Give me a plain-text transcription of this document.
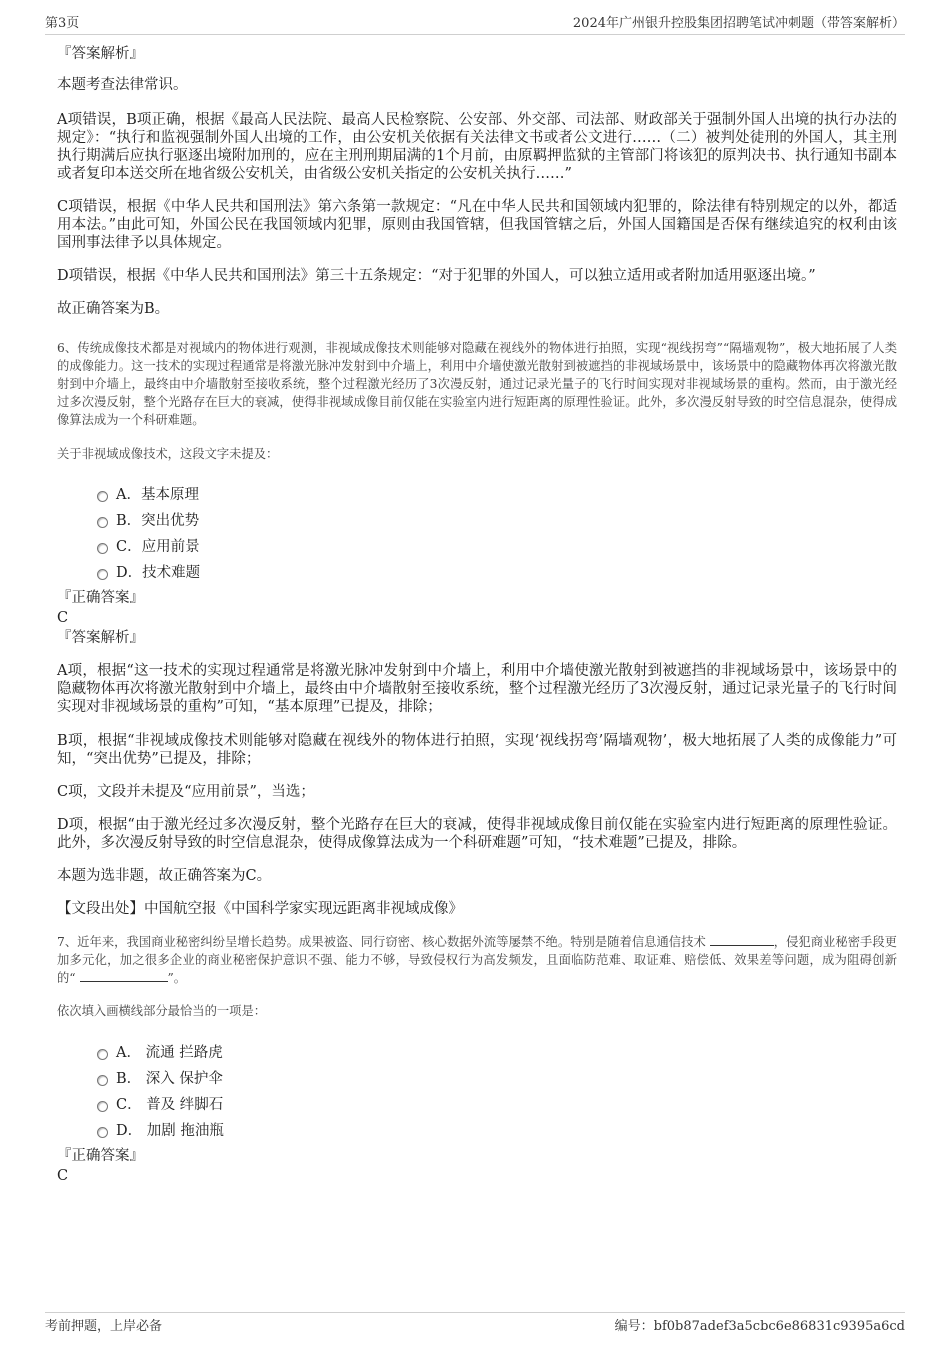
第3页	2024年广州银升控股集团招聘笔试冲刺题（带答案解析）

『答案解析』

本题考查法律常识。

A项错误，B项正确，根据《最高人民法院、最高人民检察院、公安部、外交部、司法部、财政部关于强制外国人出境的执行办法的规定》：“执行和监视强制外国人出境的工作，由公安机关依据有关法律文书或者公文进行……（二）被判处徒刑的外国人，其主刑执行期满后应执行驱逐出境附加刑的，应在主刑刑期届满的1个月前，由原羁押监狱的主管部门将该犯的原判决书、执行通知书副本或者复印本送交所在地省级公安机关，由省级公安机关指定的公安机关执行……”

C项错误，根据《中华人民共和国刑法》第六条第一款规定：“凡在中华人民共和国领域内犯罪的，除法律有特别规定的以外，都适用本法。”由此可知，外国公民在我国领域内犯罪，原则由我国管辖，但我国管辖之后，外国人国籍国是否保有继续追究的权利由该国刑事法律予以具体规定。

D项错误，根据《中华人民共和国刑法》第三十五条规定：“对于犯罪的外国人，可以独立适用或者附加适用驱逐出境。”

故正确答案为B。

6、传统成像技术都是对视域内的物体进行观测，非视域成像技术则能够对隐藏在视线外的物体进行拍照，实现“视线拐弯”“隔墙观物”，极大地拓展了人类的成像能力。这一技术的实现过程通常是将激光脉冲发射到中介墙上，利用中介墙使激光散射到被遮挡的非视域场景中，该场景中的隐藏物体再次将激光散射到中介墙上，最终由中介墙散射至接收系统，整个过程激光经历了3次漫反射，通过记录光量子的飞行时间实现对非视域场景的重构。然而，由于激光经过多次漫反射，整个光路存在巨大的衰减，使得非视域成像目前仅能在实验室内进行短距离的原理性验证。此外，多次漫反射导致的时空信息混杂，使得成像算法成为一个科研难题。

关于非视域成像技术，这段文字未提及：

A．基本原理
B．突出优势
C．应用前景
D．技术难题

『正确答案』

C

『答案解析』

A项，根据“这一技术的实现过程通常是将激光脉冲发射到中介墙上，利用中介墙使激光散射到被遮挡的非视域场景中，该场景中的隐藏物体再次将激光散射到中介墙上，最终由中介墙散射至接收系统，整个过程激光经历了3次漫反射，通过记录光量子的飞行时间实现对非视域场景的重构”可知，“基本原理”已提及，排除；

B项，根据“非视域成像技术则能够对隐藏在视线外的物体进行拍照，实现‘视线拐弯’隔墙观物’，极大地拓展了人类的成像能力”可知，“突出优势”已提及，排除；

C项，文段并未提及“应用前景”，当选；

D项，根据“由于激光经过多次漫反射，整个光路存在巨大的衰减，使得非视域成像目前仅能在实验室内进行短距离的原理性验证。此外，多次漫反射导致的时空信息混杂，使得成像算法成为一个科研难题”可知，“技术难题”已提及，排除。

本题为选非题，故正确答案为C。

【文段出处】中国航空报《中国科学家实现远距离非视域成像》

7、近年来，我国商业秘密纠纷呈增长趋势。成果被盗、同行窃密、核心数据外流等屡禁不绝。特别是随着信息通信技术	，侵犯商业秘密手段更加多元化，加之很多企业的商业秘密保护意识不强、能力不够，导致侵权行为高发频发，且面临防范难、取证难、赔偿低、效果差等问题，成为阻碍创新的“	”。

依次填入画横线部分最恰当的一项是：

A． 流通 拦路虎
B． 深入 保护伞
C． 普及 绊脚石
D． 加剧 拖油瓶

『正确答案』

C

考前押题，上岸必备	编号：bf0b87adef3a5cbc6e86831c9395a6cd
